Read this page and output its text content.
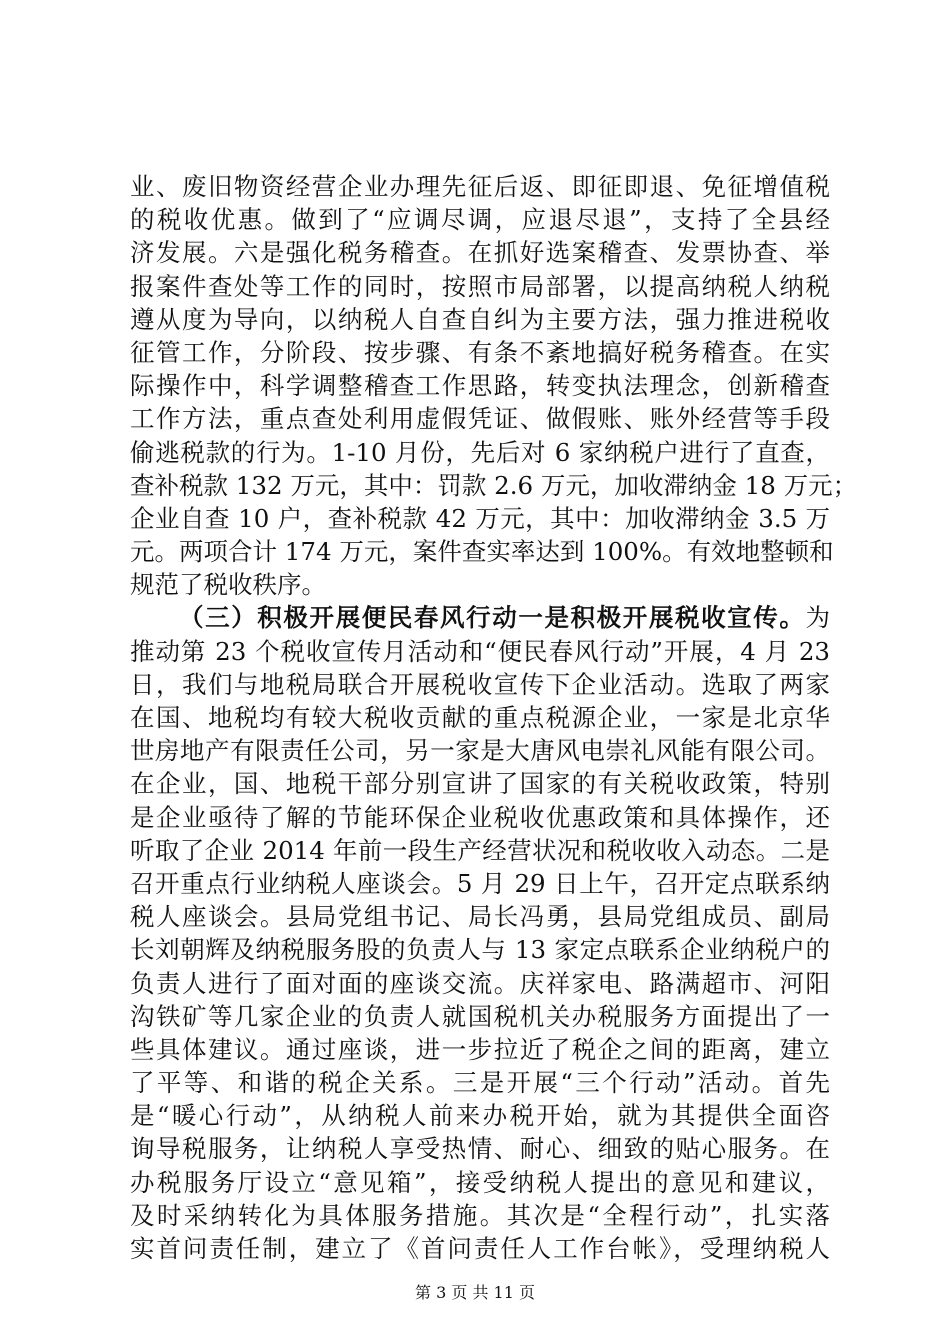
业、废旧物资经营企业办理先征后返、即征即退、免征增值税
的税收优惠。做到了“应调尽调，应退尽退”，支持了全县经
济发展。六是强化税务稽查。在抓好选案稽查、发票协查、举
报案件查处等工作的同时，按照市局部署，以提高纳税人纳税
遵从度为导向，以纳税人自查自纠为主要方法，强力推进税收
征管工作，分阶段、按步骤、有条不紊地搞好税务稽查。在实
际操作中，科学调整稽查工作思路，转变执法理念，创新稽查
工作方法，重点查处利用虚假凭证、做假账、账外经营等手段
偷逃税款的行为。1-10 月份，先后对 6 家纳税户进行了直查，
查补税款 132 万元，其中：罚款 2.6 万元，加收滞纳金 18 万元；
企业自查 10 户，查补税款 42 万元，其中：加收滞纳金 3.5 万
元。两项合计 174 万元，案件查实率达到 100%。有效地整顿和
规范了税收秩序。
（三）积极开展便民春风行动一是积极开展税收宣传。为
推动第 23 个税收宣传月活动和“便民春风行动”开展，4 月 23
日，我们与地税局联合开展税收宣传下企业活动。选取了两家
在国、地税均有较大税收贡献的重点税源企业，一家是北京华
世房地产有限责任公司，另一家是大唐风电崇礼风能有限公司。
在企业，国、地税干部分别宣讲了国家的有关税收政策，特别
是企业亟待了解的节能环保企业税收优惠政策和具体操作，还
听取了企业 2014 年前一段生产经营状况和税收收入动态。二是
召开重点行业纳税人座谈会。5 月 29 日上午，召开定点联系纳
税人座谈会。县局党组书记、局长冯勇，县局党组成员、副局
长刘朝辉及纳税服务股的负责人与 13 家定点联系企业纳税户的
负责人进行了面对面的座谈交流。庆祥家电、路满超市、河阳
沟铁矿等几家企业的负责人就国税机关办税服务方面提出了一
些具体建议。通过座谈，进一步拉近了税企之间的距离，建立
了平等、和谐的税企关系。三是开展“三个行动”活动。首先
是“暖心行动”，从纳税人前来办税开始，就为其提供全面咨
询导税服务，让纳税人享受热情、耐心、细致的贴心服务。在
办税服务厅设立“意见箱”，接受纳税人提出的意见和建议，
及时采纳转化为具体服务措施。其次是“全程行动”，扎实落
实首问责任制，建立了《首问责任人工作台帐》，受理纳税人
第 3 页 共 11 页
